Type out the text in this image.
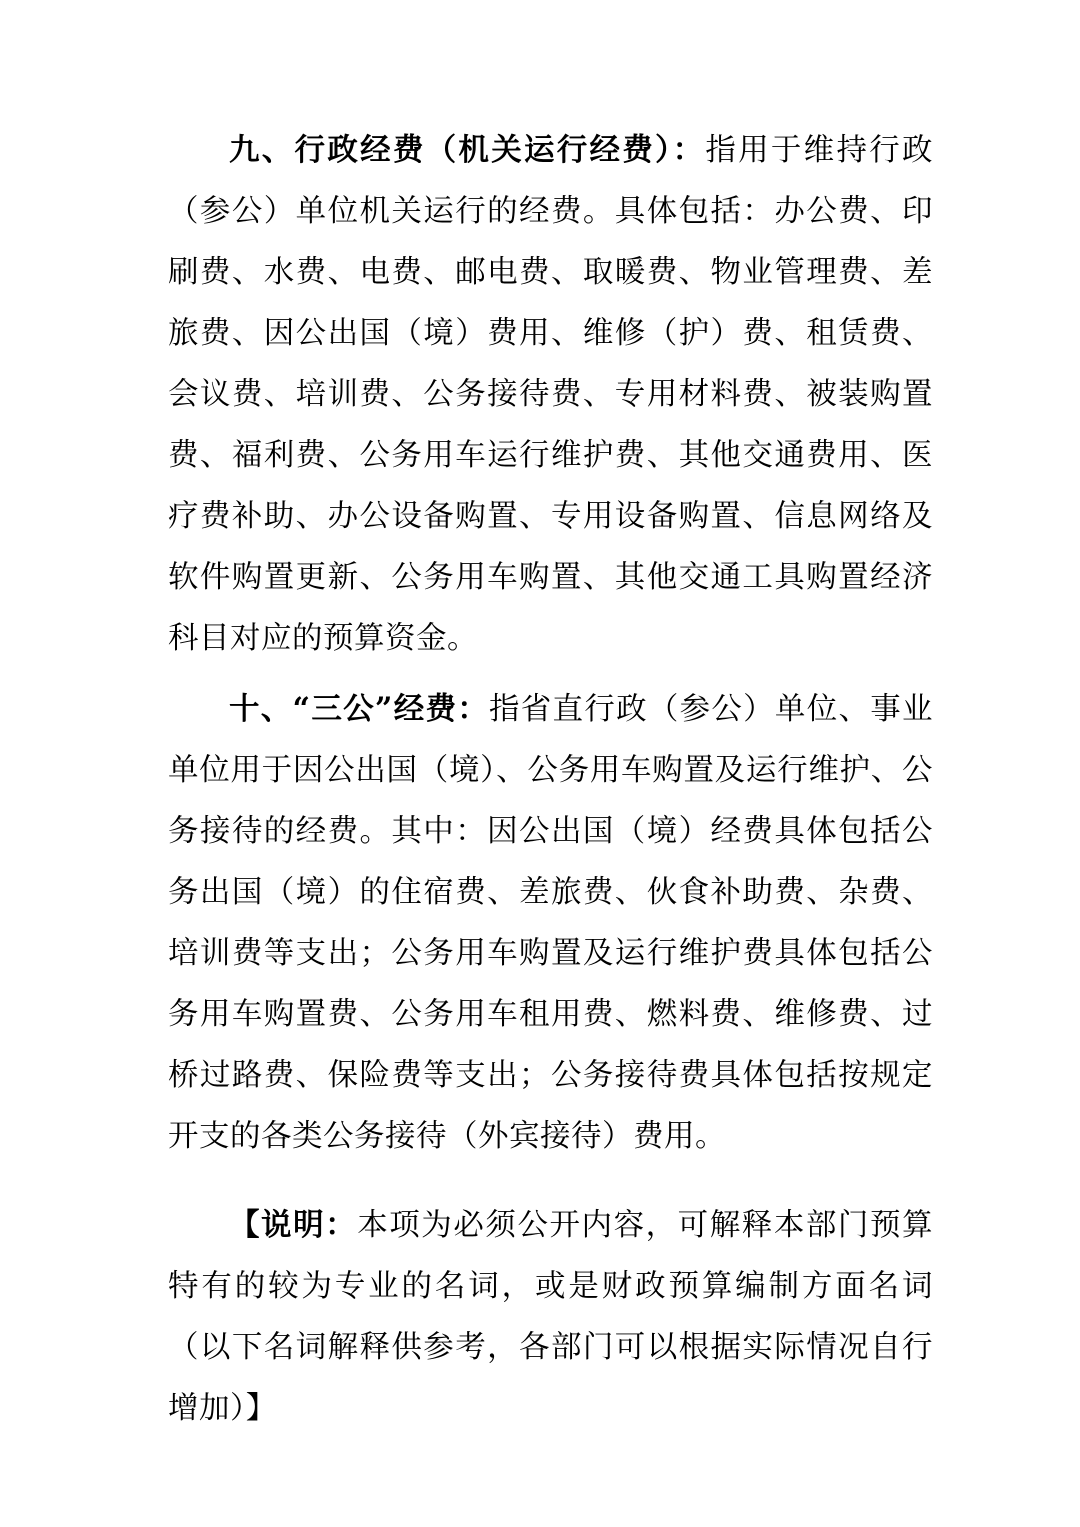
九、行政经费（机关运行经费）：指用于维持行政（参公）单位机关运行的经费。具体包括：办公费、印刷费、水费、电费、邮电费、取暖费、物业管理费、差旅费、因公出国（境）费用、维修（护）费、租赁费、会议费、培训费、公务接待费、专用材料费、被装购置费、福利费、公务用车运行维护费、其他交通费用、医疗费补助、办公设备购置、专用设备购置、信息网络及软件购置更新、公务用车购置、其他交通工具购置经济科目对应的预算资金。

十、“三公”经费：指省直行政（参公）单位、事业单位用于因公出国（境）、公务用车购置及运行维护、公务接待的经费。其中：因公出国（境）经费具体包括公务出国（境）的住宿费、差旅费、伙食补助费、杂费、培训费等支出；公务用车购置及运行维护费具体包括公务用车购置费、公务用车租用费、燃料费、维修费、过桥过路费、保险费等支出；公务接待费具体包括按规定开支的各类公务接待（外宾接待）费用。

【说明：本项为必须公开内容，可解释本部门预算特有的较为专业的名词，或是财政预算编制方面名词（以下名词解释供参考，各部门可以根据实际情况自行增加）】
